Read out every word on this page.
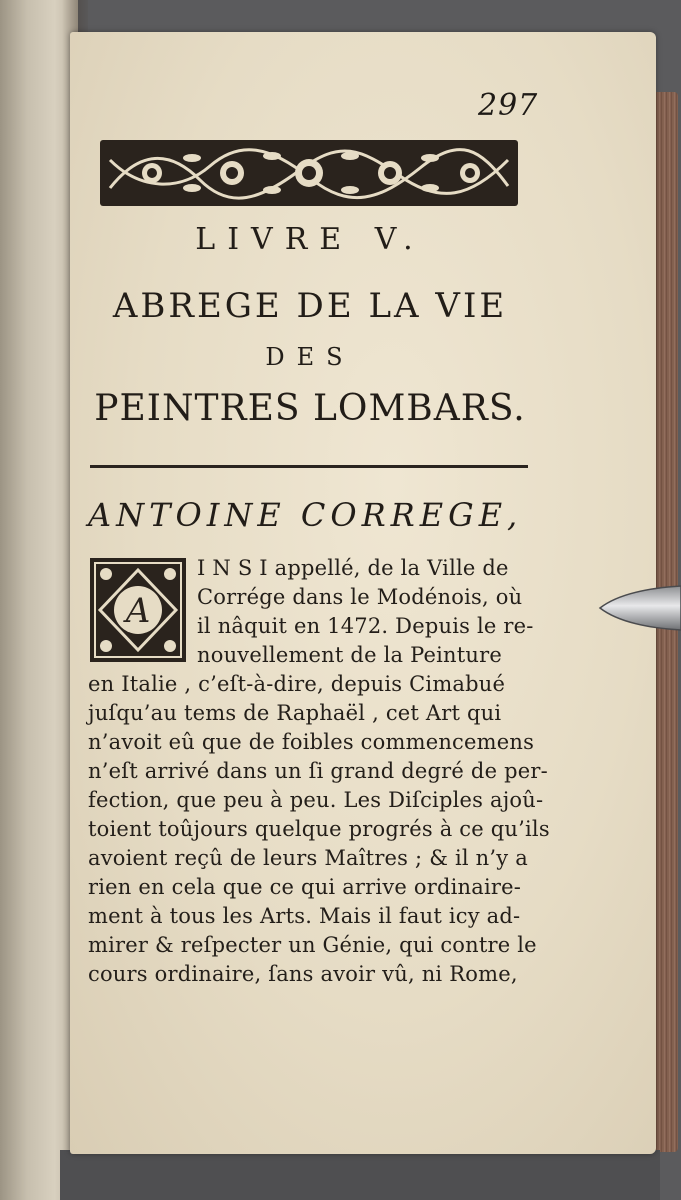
297
LIVRE V.
ABREGE DE LA VIE
DES
PEINTRES LOMBARS.
ANTOINE CORREGE,
A
I N S I appellé, de la Ville de
Corrége dans le Modénois, où
il nâquit en 1472. Depuis le re-
nouvellement de la Peinture
en Italie , c’eſt-à-dire, depuis Cimabué
juſqu’au tems de Raphaël , cet Art qui
n’avoit eû que de foibles commencemens
n’eſt arrivé dans un ſi grand degré de per-
fection, que peu à peu. Les Diſciples ajoû-
toient toûjours quelque progrés à ce qu’ils
avoient reçû de leurs Maîtres ; & il n’y a
rien en cela que ce qui arrive ordinaire-
ment à tous les Arts. Mais il faut icy ad-
mirer & reſpecter un Génie, qui contre le
cours ordinaire, ſans avoir vû, ni Rome,
